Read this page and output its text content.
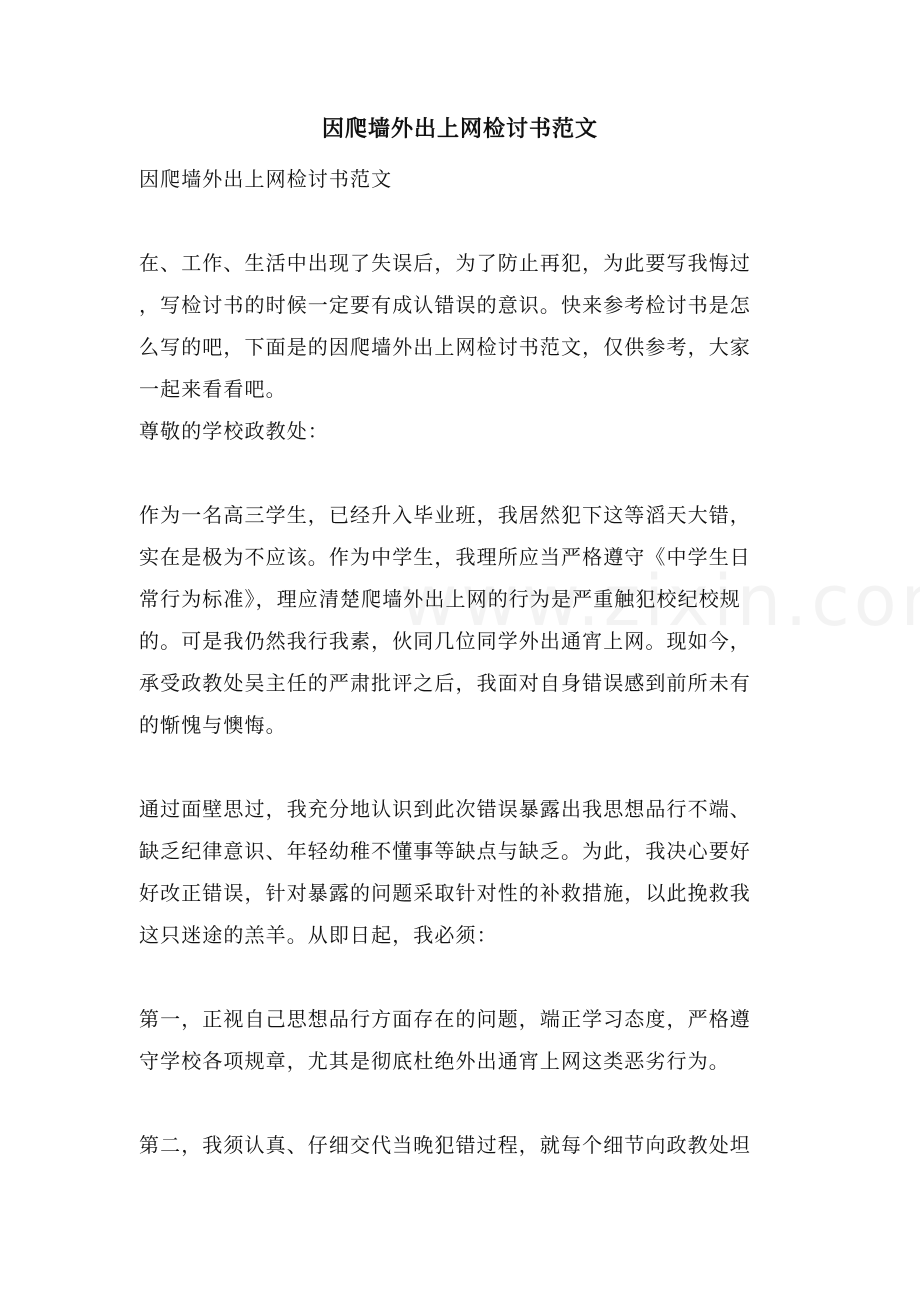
因爬墙外出上网检讨书范文
因爬墙外出上网检讨书范文
在、工作、生活中出现了失误后，为了防止再犯，为此要写我悔过
，写检讨书的时候一定要有成认错误的意识。快来参考检讨书是怎
么写的吧，下面是的因爬墙外出上网检讨书范文，仅供参考，大家
一起来看看吧。
尊敬的学校政教处：
作为一名高三学生，已经升入毕业班，我居然犯下这等滔天大错，
实在是极为不应该。作为中学生，我理所应当严格遵守《中学生日
常行为标准》，理应清楚爬墙外出上网的行为是严重触犯校纪校规
的。可是我仍然我行我素，伙同几位同学外出通宵上网。现如今，
承受政教处吴主任的严肃批评之后，我面对自身错误感到前所未有
的惭愧与懊悔。
通过面壁思过，我充分地认识到此次错误暴露出我思想品行不端、
缺乏纪律意识、年轻幼稚不懂事等缺点与缺乏。为此，我决心要好
好改正错误，针对暴露的问题采取针对性的补救措施，以此挽救我
这只迷途的羔羊。从即日起，我必须：
第一，正视自己思想品行方面存在的问题，端正学习态度，严格遵
守学校各项规章，尤其是彻底杜绝外出通宵上网这类恶劣行为。
第二，我须认真、仔细交代当晚犯错过程，就每个细节向政教处坦
